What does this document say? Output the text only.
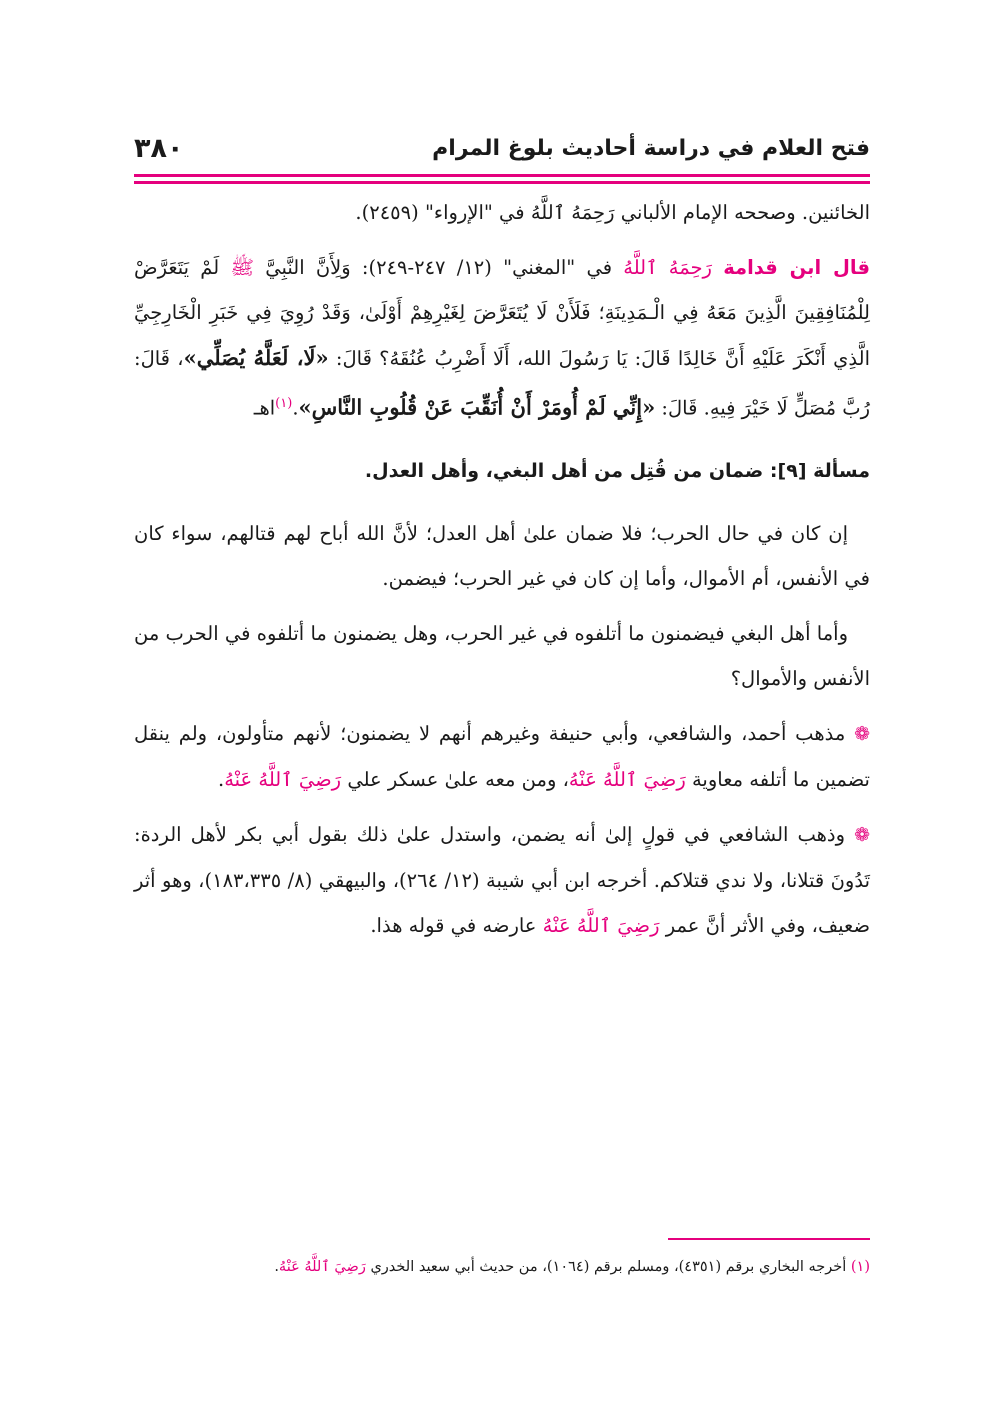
فتح العلام في دراسة أحاديث بلوغ المرام
٣٨٠

الخائنين. وصححه الإمام الألباني رَحِمَهُ ٱللَّهُ في "الإرواء" (٢٤٥٩).

قال ابن قدامة رَحِمَهُ ٱللَّهُ في "المغني" (١٢/ ٢٤٧-٢٤٩): وَلِأَنَّ النَّبِيَّ ﷺ لَمْ يَتَعَرَّضْ لِلْمُنَافِقِينَ الَّذِينَ مَعَهُ فِي الْـمَدِينَةِ؛ فَلَأَنْ لَا يُتَعَرَّضَ لِغَيْرِهِمْ أَوْلَىٰ، وَقَدْ رُوِيَ فِي خَبَرِ الْخَارِجِيِّ الَّذِي أَنْكَرَ عَلَيْهِ أَنَّ خَالِدًا قَالَ: يَا رَسُولَ الله، أَلَا أَضْرِبُ عُنُقَهُ؟ قَالَ: «لَا، لَعَلَّهُ يُصَلِّي»، قَالَ: رُبَّ مُصَلٍّ لَا خَيْرَ فِيهِ. قَالَ: «إِنِّي لَمْ أُومَرْ أَنْ أُنَقِّبَ عَنْ قُلُوبِ النَّاسِ».$^{(١)}$اهـ

مسألة [٩]: ضمان من قُتِل من أهل البغي، وأهل العدل.

إن كان في حال الحرب؛ فلا ضمان علىٰ أهل العدل؛ لأنَّ الله أباح لهم قتالهم، سواء كان في الأنفس، أم الأموال، وأما إن كان في غير الحرب؛ فيضمن.

وأما أهل البغي فيضمنون ما أتلفوه في غير الحرب، وهل يضمنون ما أتلفوه في الحرب من الأنفس والأموال؟

❁ مذهب أحمد، والشافعي، وأبي حنيفة وغيرهم أنهم لا يضمنون؛ لأنهم متأولون، ولم ينقل تضمين ما أتلفه معاوية رَضِيَ ٱللَّهُ عَنْهُ، ومن معه علىٰ عسكر علي رَضِيَ ٱللَّهُ عَنْهُ.

❁ وذهب الشافعي في قولٍ إلىٰ أنه يضمن، واستدل علىٰ ذلك بقول أبي بكر لأهل الردة: تَدُونَ قتلانا، ولا ندي قتلاكم. أخرجه ابن أبي شيبة (١٢/ ٢٦٤)، والبيهقي (٨/ ١٨٣،٣٣٥)، وهو أثر ضعيف، وفي الأثر أنَّ عمر رَضِيَ ٱللَّهُ عَنْهُ عارضه في قوله هذا.

(١) أخرجه البخاري برقم (٤٣٥١)، ومسلم برقم (١٠٦٤)، من حديث أبي سعيد الخدري رَضِيَ ٱللَّهُ عَنْهُ.
